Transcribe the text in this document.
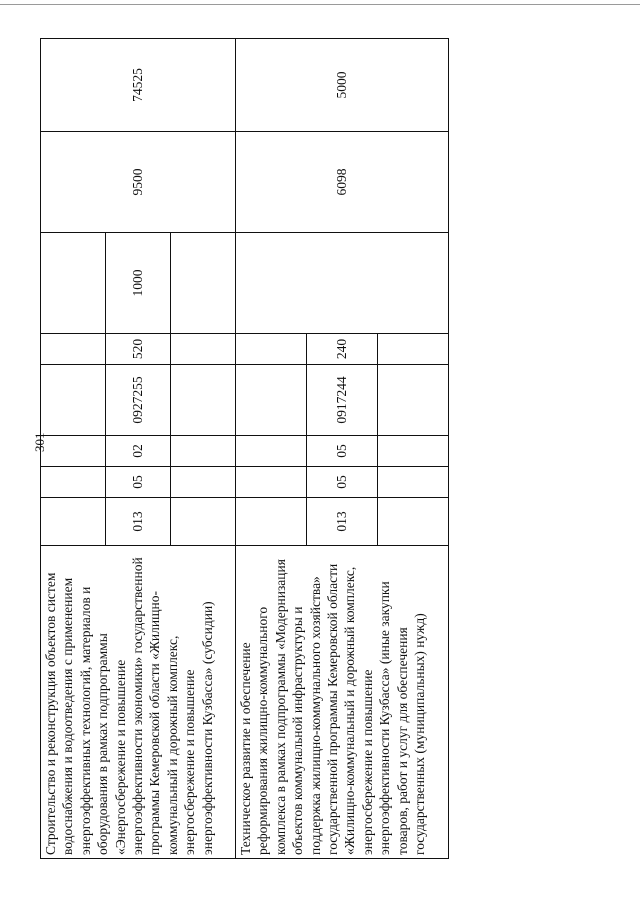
301
Строительство и реконструкция объектов систем водоснабжения и водоотведения с применением энергоэффективных технологий, материалов и оборудования в рамках подпрограммы «Энергосбережение и повышение энергоэффективности экономики» государственной программы Кемеровской области «Жилищно-коммунальный и дорожный комплекс, энергосбережение и повышение энергоэффективности Кузбасса» (субсидии)	013	05	02	0927255	520	1000	9500	74525
Техническое развитие и обеспечение реформирования жилищно-коммунального комплекса в рамках подпрограммы «Модернизация объектов коммунальной инфраструктуры и поддержка жилищно-коммунального хозяйства» государственной программы Кемеровской области «Жилищно-коммунальный и дорожный комплекс, энергосбережение и повышение энергоэффективности Кузбасса» (иные закупки товаров, работ и услуг для обеспечения государственных (муниципальных) нужд)	013	05	05	0917244	240		6098	5000
